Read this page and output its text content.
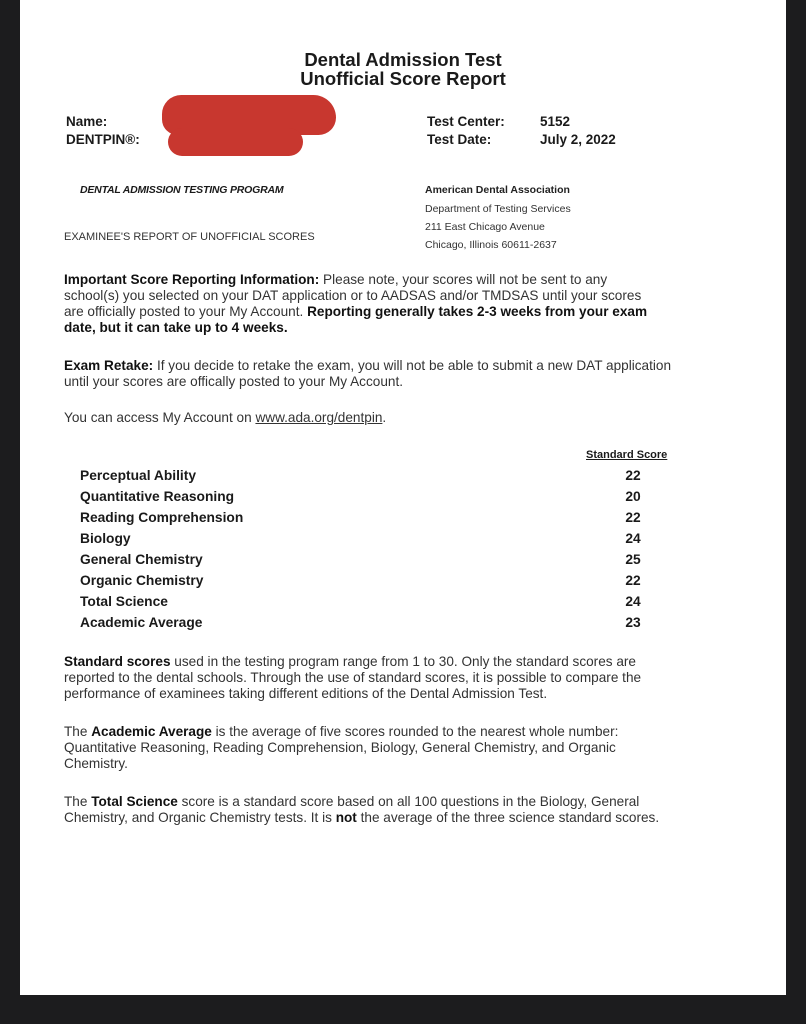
Dental Admission Test
Unofficial Score Report
Name:
DENTPIN®:
Test Center:	5152
Test Date:	July 2, 2022
DENTAL ADMISSION TESTING PROGRAM
EXAMINEE'S REPORT OF UNOFFICIAL SCORES
American Dental Association
Department of Testing Services
211 East Chicago Avenue
Chicago, Illinois 60611-2637
Important Score Reporting Information: Please note, your scores will not be sent to any
school(s) you selected on your DAT application or to AADSAS and/or TMDSAS until your scores
are officially posted to your My Account. Reporting generally takes 2-3 weeks from your exam
date, but it can take up to 4 weeks.
Exam Retake: If you decide to retake the exam, you will not be able to submit a new DAT application
until your scores are offically posted to your My Account.
You can access My Account on www.ada.org/dentpin.
Standard Score
Perceptual Ability	22
Quantitative Reasoning	20
Reading Comprehension	22
Biology	24
General Chemistry	25
Organic Chemistry	22
Total Science	24
Academic Average	23
Standard scores used in the testing program range from 1 to 30. Only the standard scores are
reported to the dental schools. Through the use of standard scores, it is possible to compare the
performance of examinees taking different editions of the Dental Admission Test.
The Academic Average is the average of five scores rounded to the nearest whole number:
Quantitative Reasoning, Reading Comprehension, Biology, General Chemistry, and Organic
Chemistry.
The Total Science score is a standard score based on all 100 questions in the Biology, General
Chemistry, and Organic Chemistry tests. It is not the average of the three science standard scores.
